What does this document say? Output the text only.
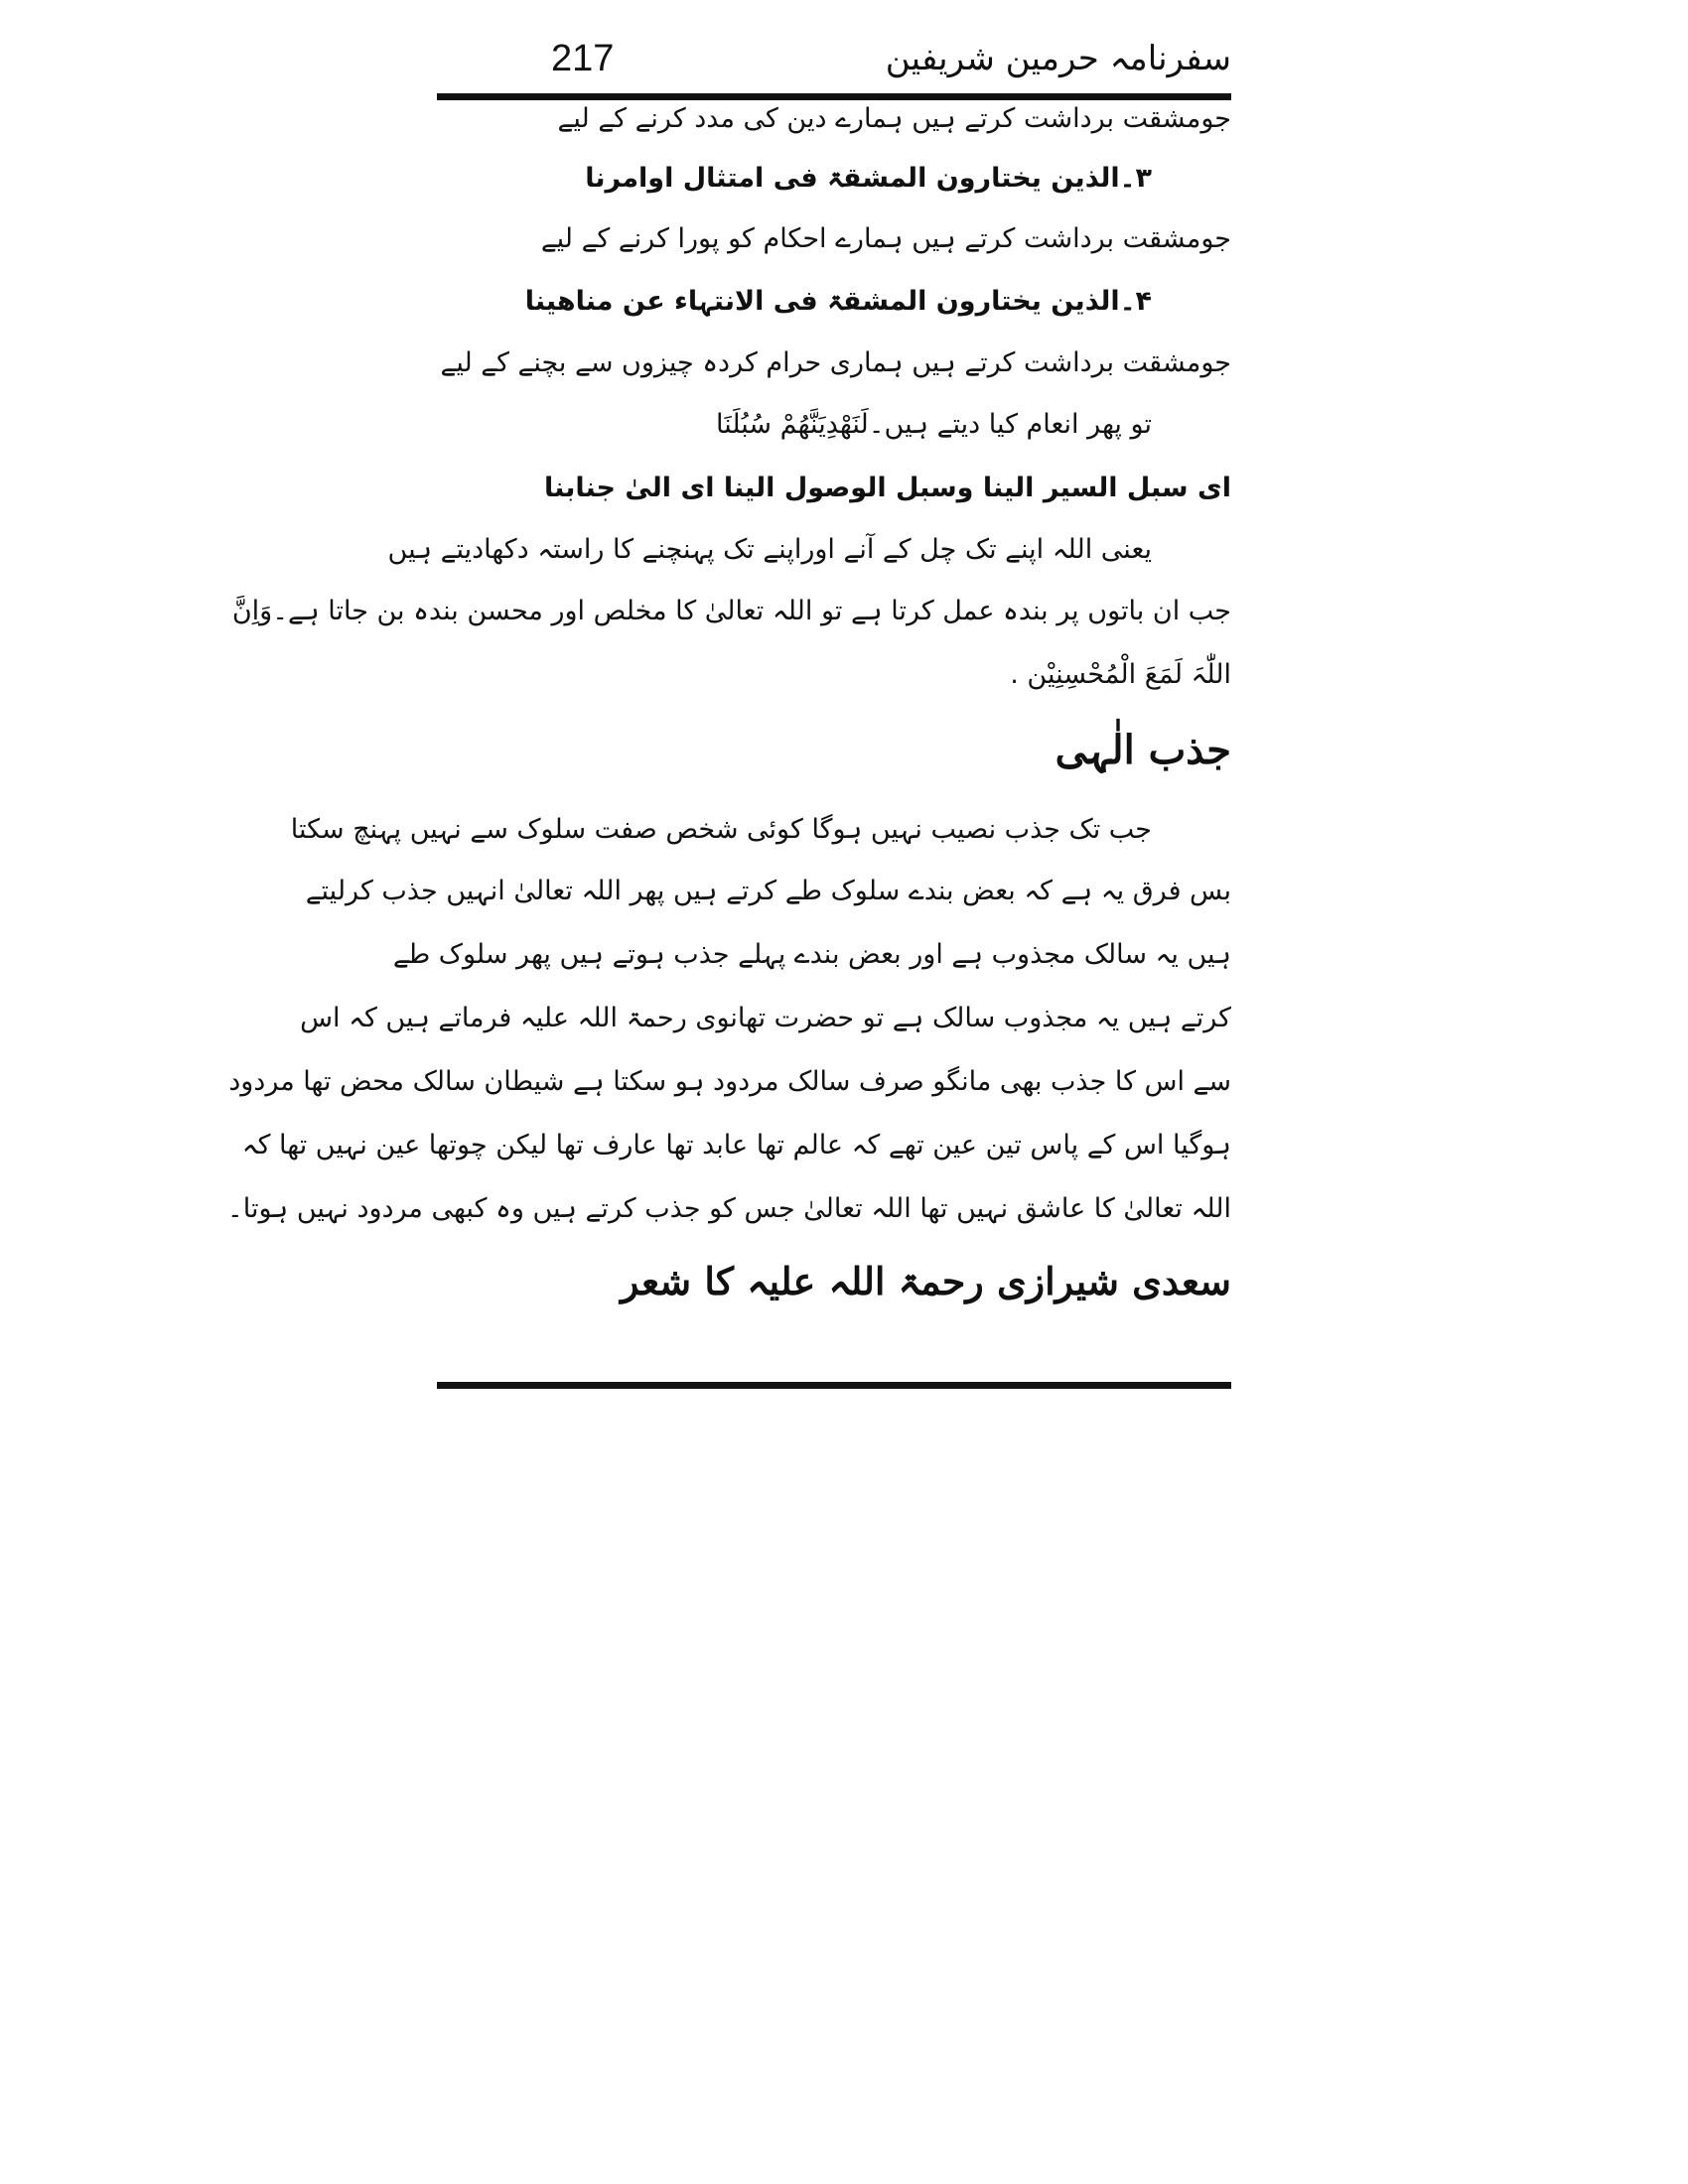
217	سفرنامہ حرمین شریفین
جومشقت برداشت کرتے ہیں ہمارے دین کی مدد کرنے کے لیے
۳۔الذین یختارون المشقۃ فی امتثال اوامرنا
جومشقت برداشت کرتے ہیں ہمارے احکام کو پورا کرنے کے لیے
۴۔الذین یختارون المشقۃ فی الانتہاء عن مناھینا
جومشقت برداشت کرتے ہیں ہماری حرام کردہ چیزوں سے بچنے کے لیے
تو پھر انعام کیا دیتے ہیں۔لَنَھْدِیَنَّھُمْ سُبُلَنَا
ای سبل السیر الینا وسبل الوصول الینا ای الیٰ جنابنا
یعنی اللہ اپنے تک چل کے آنے اوراپنے تک پہنچنے کا راستہ دکھادیتے ہیں
جب ان باتوں پر بندہ عمل کرتا ہے تو اللہ تعالیٰ کا مخلص اور محسن بندہ بن جاتا ہے۔وَاِنَّ
اللّٰہَ لَمَعَ الْمُحْسِنِیْن .
جذب الٰہی
جب تک جذب نصیب نہیں ہوگا کوئی شخص صفت سلوک سے نہیں پہنچ سکتا
بس فرق یہ ہے کہ بعض بندے سلوک طے کرتے ہیں پھر اللہ تعالیٰ انہیں جذب کرلیتے
ہیں یہ سالک مجذوب ہے اور بعض بندے پہلے جذب ہوتے ہیں پھر سلوک طے
کرتے ہیں یہ مجذوب سالک ہے تو حضرت تھانوی رحمۃ اللہ علیہ فرماتے ہیں کہ اس
سے اس کا جذب بھی مانگو صرف سالک مردود ہو سکتا ہے شیطان سالک محض تھا مردود
ہوگیا اس کے پاس تین عین تھے کہ عالم تھا عابد تھا عارف تھا لیکن چوتھا عین نہیں تھا کہ
اللہ تعالیٰ کا عاشق نہیں تھا اللہ تعالیٰ جس کو جذب کرتے ہیں وہ کبھی مردود نہیں ہوتا۔
سعدی شیرازی رحمۃ اللہ علیہ کا شعر
